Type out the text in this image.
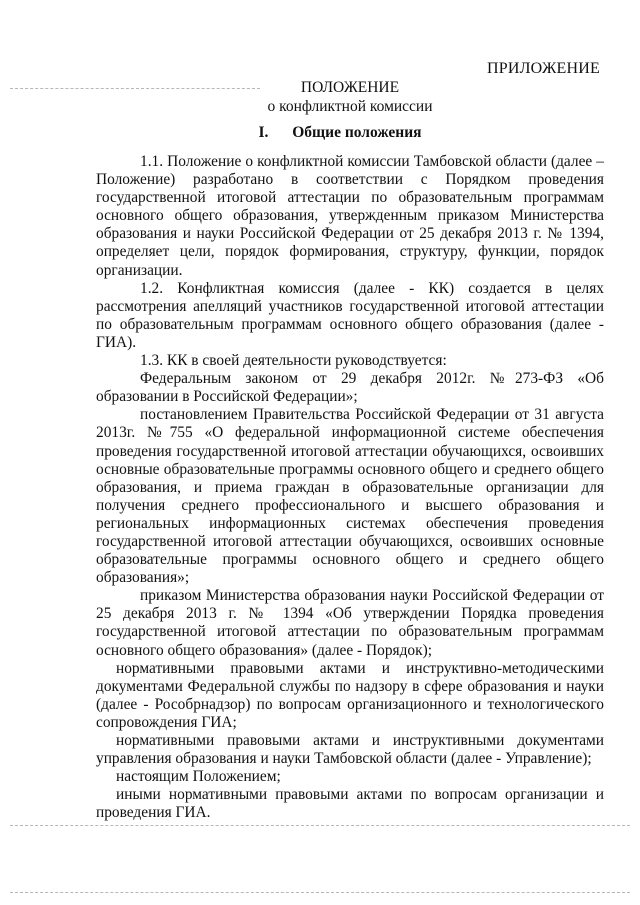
ПРИЛОЖЕНИЕ
ПОЛОЖЕНИЕ
о конфликтной комиссии
I. Общие положения

1.1. Положение о конфликтной комиссии Тамбовской области (далее – Положение) разработано в соответствии с Порядком проведения государственной итоговой аттестации по образовательным программам основного общего образования, утвержденным приказом Министерства образования и науки Российской Федерации от 25 декабря 2013 г. № 1394, определяет цели, порядок формирования, структуру, функции, порядок организации.

1.2. Конфликтная комиссия (далее - КК) создается в целях рассмотрения апелляций участников государственной итоговой аттестации по образовательным программам основного общего образования (далее - ГИА).

1.3. КК в своей деятельности руководствуется:

Федеральным законом от 29 декабря 2012г. №273-ФЗ «Об образовании в Российской Федерации»;

постановлением Правительства Российской Федерации от 31 августа 2013г. №755 «О федеральной информационной системе обеспечения проведения государственной итоговой аттестации обучающихся, освоивших основные образовательные программы основного общего и среднего общего образования, и приема граждан в образовательные организации для получения среднего профессионального и высшего образования и региональных информационных системах обеспечения проведения государственной итоговой аттестации обучающихся, освоивших основные образовательные программы основного общего и среднего общего образования»;

приказом Министерства образования науки Российской Федерации от 25 декабря 2013 г. № 1394 «Об утверждении Порядка проведения государственной итоговой аттестации по образовательным программам основного общего образования» (далее - Порядок);

нормативными правовыми актами и инструктивно-методическими документами Федеральной службы по надзору в сфере образования и науки (далее - Рособрнадзор) по вопросам организационного и технологического сопровождения ГИА;

нормативными правовыми актами и инструктивными документами управления образования и науки Тамбовской области (далее - Управление);

настоящим Положением;

иными нормативными правовыми актами по вопросам организации и проведения ГИА.
